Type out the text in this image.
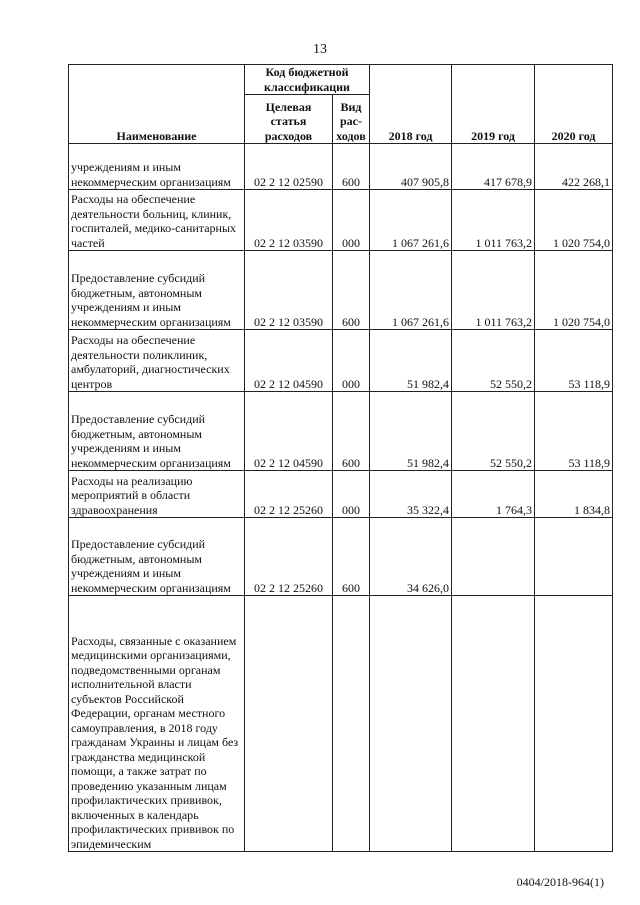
13
Наименование	Код бюджетной классификации		2018 год	2019 год	2020 год
	Целевая статья расходов	Вид рас-ходов			
учреждениям и иным некоммерческим организациям	02 2 12 02590	600	407 905,8	417 678,9	422 268,1
Расходы на обеспечение деятельности больниц, клиник, госпиталей, медико-санитарных частей	02 2 12 03590	000	1 067 261,6	1 011 763,2	1 020 754,0
Предоставление субсидий бюджетным, автономным учреждениям и иным некоммерческим организациям	02 2 12 03590	600	1 067 261,6	1 011 763,2	1 020 754,0
Расходы на обеспечение деятельности поликлиник, амбулаторий, диагностических центров	02 2 12 04590	000	51 982,4	52 550,2	53 118,9
Предоставление субсидий бюджетным, автономным учреждениям и иным некоммерческим организациям	02 2 12 04590	600	51 982,4	52 550,2	53 118,9
Расходы на реализацию мероприятий в области здравоохранения	02 2 12 25260	000	35 322,4	1 764,3	1 834,8
Предоставление субсидий бюджетным, автономным учреждениям и иным некоммерческим организациям	02 2 12 25260	600	34 626,0		
Расходы, связанные с оказанием медицинскими организациями, подведомственными органам исполнительной власти субъектов Российской Федерации, органам местного самоуправления, в 2018 году гражданам Украины и лицам без гражданства медицинской помощи, а также затрат по проведению указанным лицам профилактических прививок, включенных в календарь профилактических прививок по эпидемическим					
0404/2018-964(1)
